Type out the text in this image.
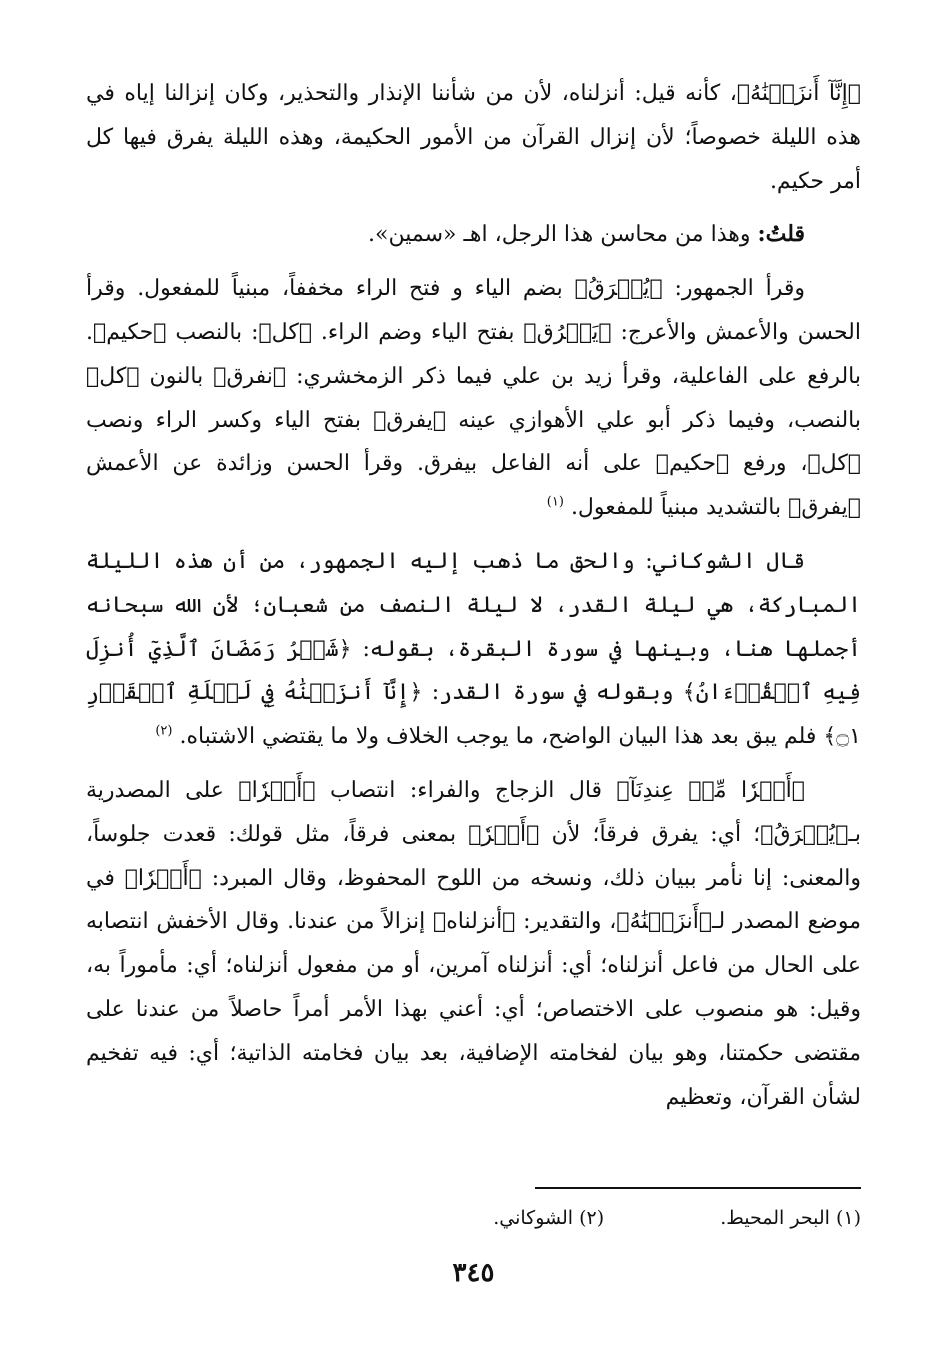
﴿إِنَّآ أَنزَلۡنَٰهُ﴾، كأنه قيل: أنزلناه، لأن من شأننا الإنذار والتحذير، وكان إنزالنا إياه في هذه الليلة خصوصاً؛ لأن إنزال القرآن من الأمور الحكيمة، وهذه الليلة يفرق فيها كل أمر حكيم.

قلتُ: وهذا من محاسن هذا الرجل، اهـ «سمين».

وقرأ الجمهور: ﴿يُفۡرَقُ﴾ بضم الياء و فتح الراء مخففاً، مبنياً للمفعول. وقرأ الحسن والأعمش والأعرج: ﴿يَفۡرُق﴾ بفتح الياء وضم الراء. ﴿كل﴾: بالنصب ﴿حكيم﴾. بالرفع على الفاعلية، وقرأ زيد بن علي فيما ذكر الزمخشري: ﴿نفرق﴾ بالنون ﴿كل﴾ بالنصب، وفيما ذكر أبو علي الأهوازي عينه ﴿يفرق﴾ بفتح الياء وكسر الراء ونصب ﴿كل﴾، ورفع ﴿حكيم﴾ على أنه الفاعل بيفرق. وقرأ الحسن وزائدة عن الأعمش ﴿يفرق﴾ بالتشديد مبنياً للمفعول. $^{(١)}$

قال الشوكاني: والحق ما ذهب إليه الجمهور، من أن هذه الليلة المباركة، هي ليلة القدر، لا ليلة النصف من شعبان؛ لأن الله سبحانه أجملها هنا، وبينها في سورة البقرة، بقوله: ﴿شَهۡرُ رَمَضَانَ ٱلَّذِيٓ أُنزِلَ فِيهِ ٱلۡقُرۡءَانُ﴾ وبقوله في سورة القدر: ﴿إِنَّآ أَنزَلۡنَٰهُ فِي لَيۡلَةِ ٱلۡقَدۡرِ ۝١﴾ فلم يبق بعد هذا البيان الواضح، ما يوجب الخلاف ولا ما يقتضي الاشتباه. $^{(٢)}$

﴿أَمۡرٗا مِّنۡ عِندِنَآ﴾ قال الزجاج والفراء: انتصاب ﴿أَمۡرٗا﴾ على المصدرية بـ﴿يُفۡرَقُ﴾؛ أي: يفرق فرقاً؛ لأن ﴿أَمۡرٗ﴾ بمعنى فرقاً، مثل قولك: قعدت جلوساً، والمعنى: إنا نأمر ببيان ذلك، ونسخه من اللوح المحفوظ، وقال المبرد: ﴿أَمۡرٗا﴾ في موضع المصدر لـ﴿أَنزَلۡنَٰهُ﴾، والتقدير: ﴿أنزلناه﴾ إنزالاً من عندنا. وقال الأخفش انتصابه على الحال من فاعل أنزلناه؛ أي: أنزلناه آمرين، أو من مفعول أنزلناه؛ أي: مأموراً به، وقيل: هو منصوب على الاختصاص؛ أي: أعني بهذا الأمر أمراً حاصلاً من عندنا على مقتضى حكمتنا، وهو بيان لفخامته الإضافية، بعد بيان فخامته الذاتية؛ أي: فيه تفخيم لشأن القرآن، وتعظيم

(١) البحر المحيط. (٢) الشوكاني.
٣٤٥
